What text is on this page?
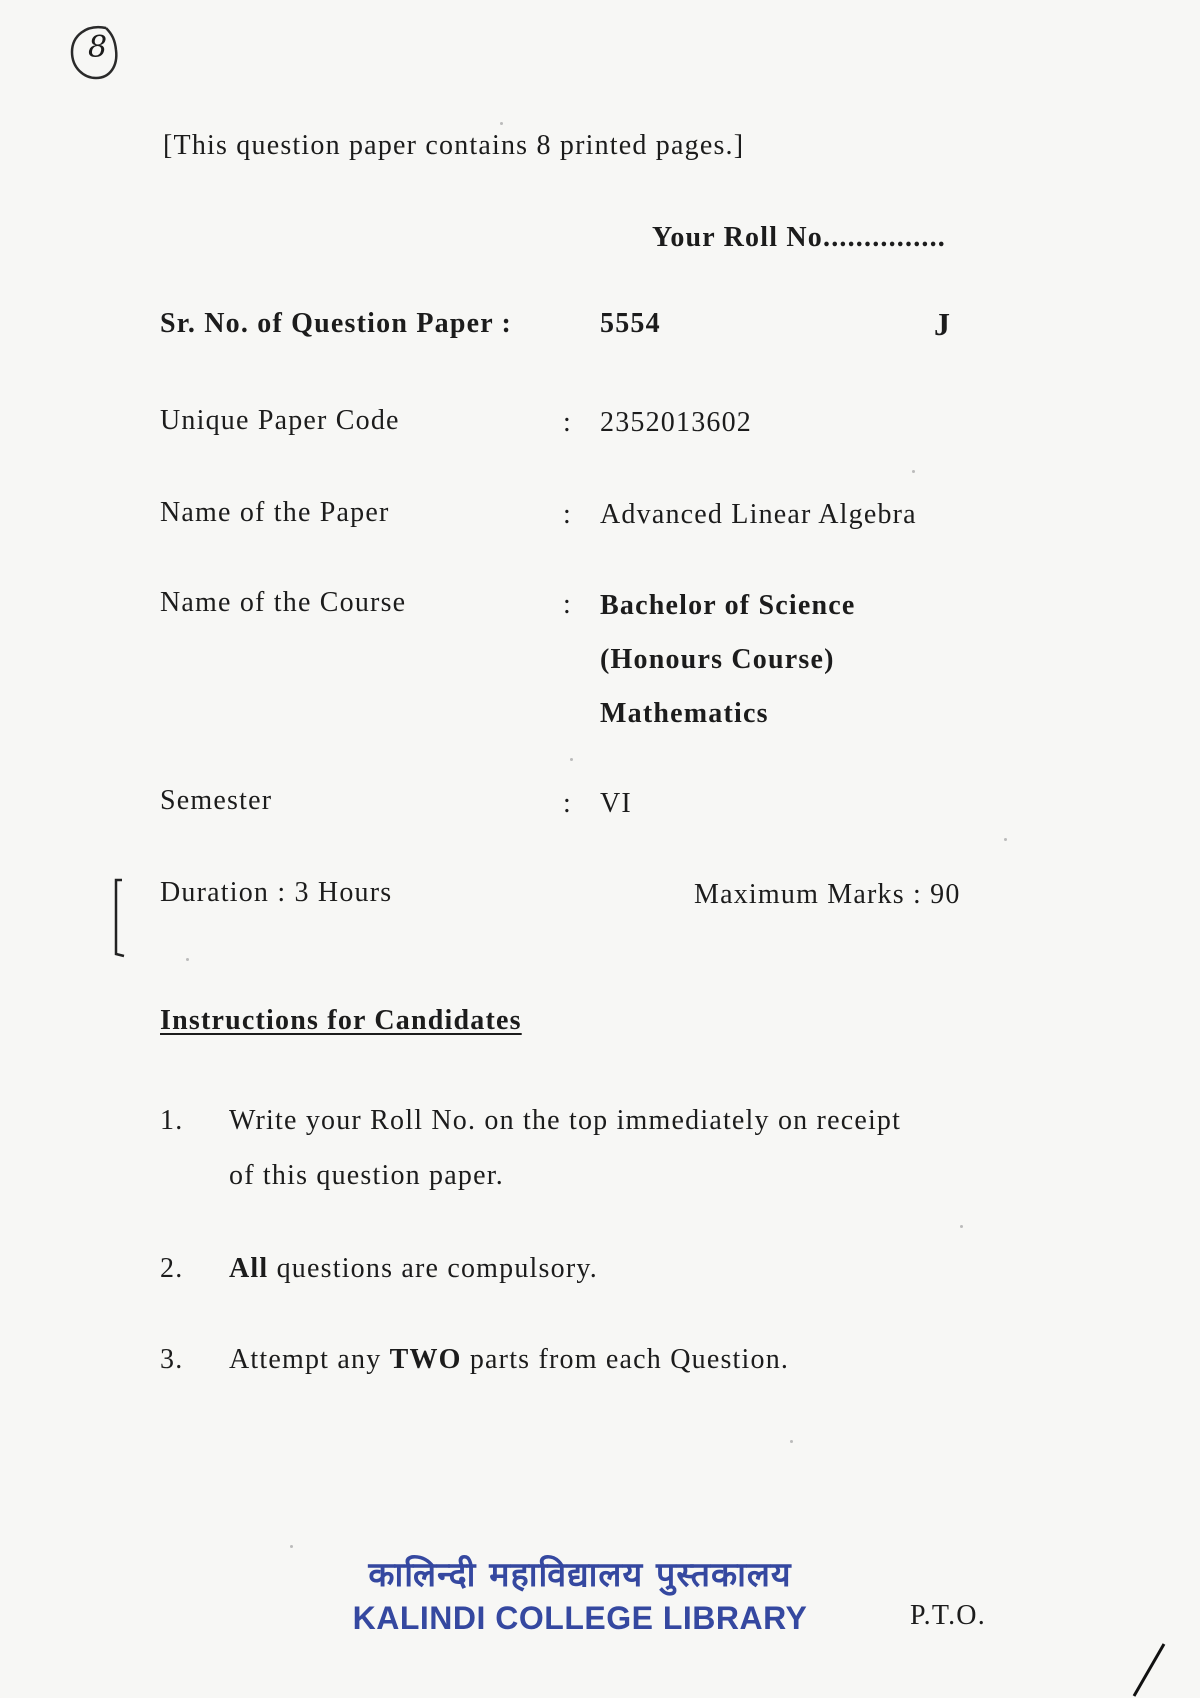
8
[This question paper contains 8 printed pages.]
Your Roll No...............
Sr. No. of Question Paper :	5554	J
Unique Paper Code	: 2352013602
Name of the Paper	: Advanced Linear Algebra
Name of the Course	: Bachelor of Science
(Honours Course)
Mathematics
Semester	: VI
Duration : 3 Hours	Maximum Marks : 90
Instructions for Candidates
1. Write your Roll No. on the top immediately on receipt
of this question paper.
2. All questions are compulsory.
3. Attempt any TWO parts from each Question.
कालिन्दी महाविद्यालय पुस्तकालय
KALINDI COLLEGE LIBRARY	P.T.O.
